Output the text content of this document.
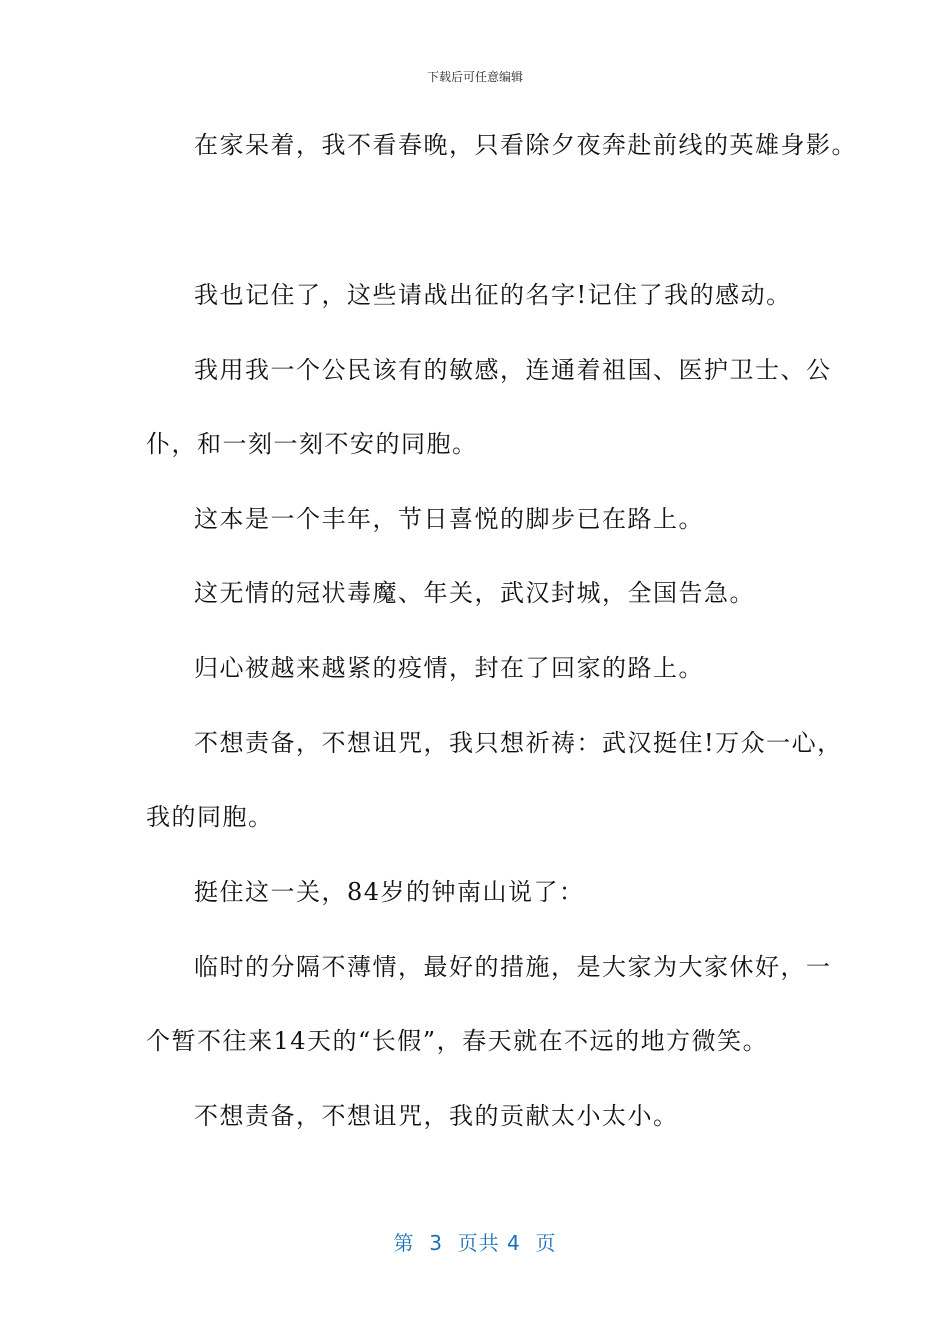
下载后可任意编辑
在家呆着，我不看春晚，只看除夕夜奔赴前线的英雄身影。
我也记住了，这些请战出征的名字!记住了我的感动。
我用我一个公民该有的敏感，连通着祖国、医护卫士、公
仆，和一刻一刻不安的同胞。
这本是一个丰年，节日喜悦的脚步已在路上。
这无情的冠状毒魔、年关，武汉封城，全国告急。
归心被越来越紧的疫情，封在了回家的路上。
不想责备，不想诅咒，我只想祈祷：武汉挺住!万众一心，
我的同胞。
挺住这一关，84岁的钟南山说了：
临时的分隔不薄情，最好的措施，是大家为大家休好，一
个暂不往来14天的“长假”，春天就在不远的地方微笑。
不想责备，不想诅咒，我的贡献太小太小。
第  3  页共 4  页
